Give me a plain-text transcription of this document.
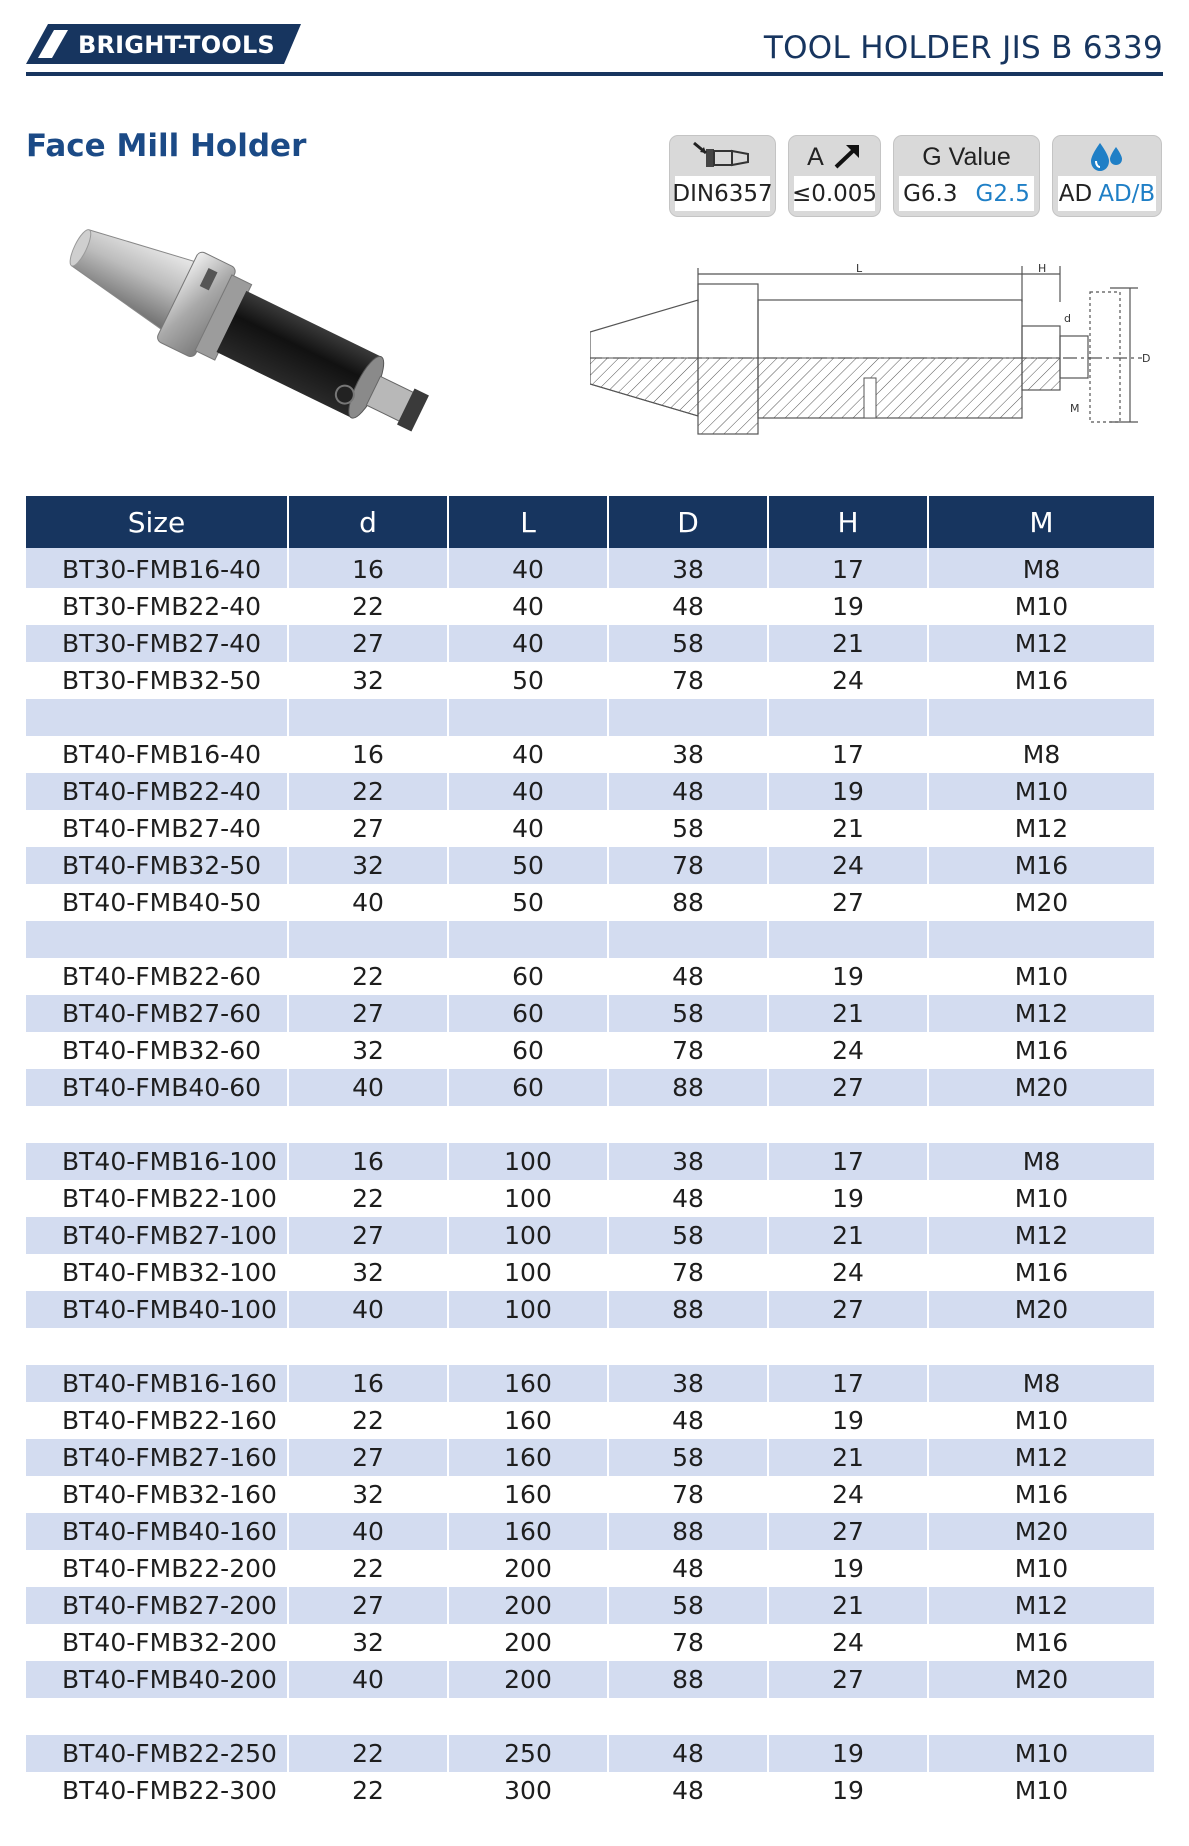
BRIGHT-TOOLS	TOOL HOLDER JIS B 6339
Face Mill Holder
DIN6357
A
≤0.005
G Value
G6.3 G2.5 AD AD/B
L	H
d
D
M
Size	d	L	D	H	M
BT30-FMB16-40	16	40	38	17	M8
BT30-FMB22-40	22	40	48	19	M10
BT30-FMB27-40	27	40	58	21	M12
BT30-FMB32-50	32	50	78	24	M16

BT40-FMB16-40	16	40	38	17	M8
BT40-FMB22-40	22	40	48	19	M10
BT40-FMB27-40	27	40	58	21	M12
BT40-FMB32-50	32	50	78	24	M16
BT40-FMB40-50	40	50	88	27	M20

BT40-FMB22-60	22	60	48	19	M10
BT40-FMB27-60	27	60	58	21	M12
BT40-FMB32-60	32	60	78	24	M16
BT40-FMB40-60	40	60	88	27	M20

BT40-FMB16-100	16	100	38	17	M8
BT40-FMB22-100	22	100	48	19	M10
BT40-FMB27-100	27	100	58	21	M12
BT40-FMB32-100	32	100	78	24	M16
BT40-FMB40-100	40	100	88	27	M20

BT40-FMB16-160	16	160	38	17	M8
BT40-FMB22-160	22	160	48	19	M10
BT40-FMB27-160	27	160	58	21	M12
BT40-FMB32-160	32	160	78	24	M16
BT40-FMB40-160	40	160	88	27	M20
BT40-FMB22-200	22	200	48	19	M10
BT40-FMB27-200	27	200	58	21	M12
BT40-FMB32-200	32	200	78	24	M16
BT40-FMB40-200	40	200	88	27	M20

BT40-FMB22-250	22	250	48	19	M10
BT40-FMB22-300	22	300	48	19	M10
